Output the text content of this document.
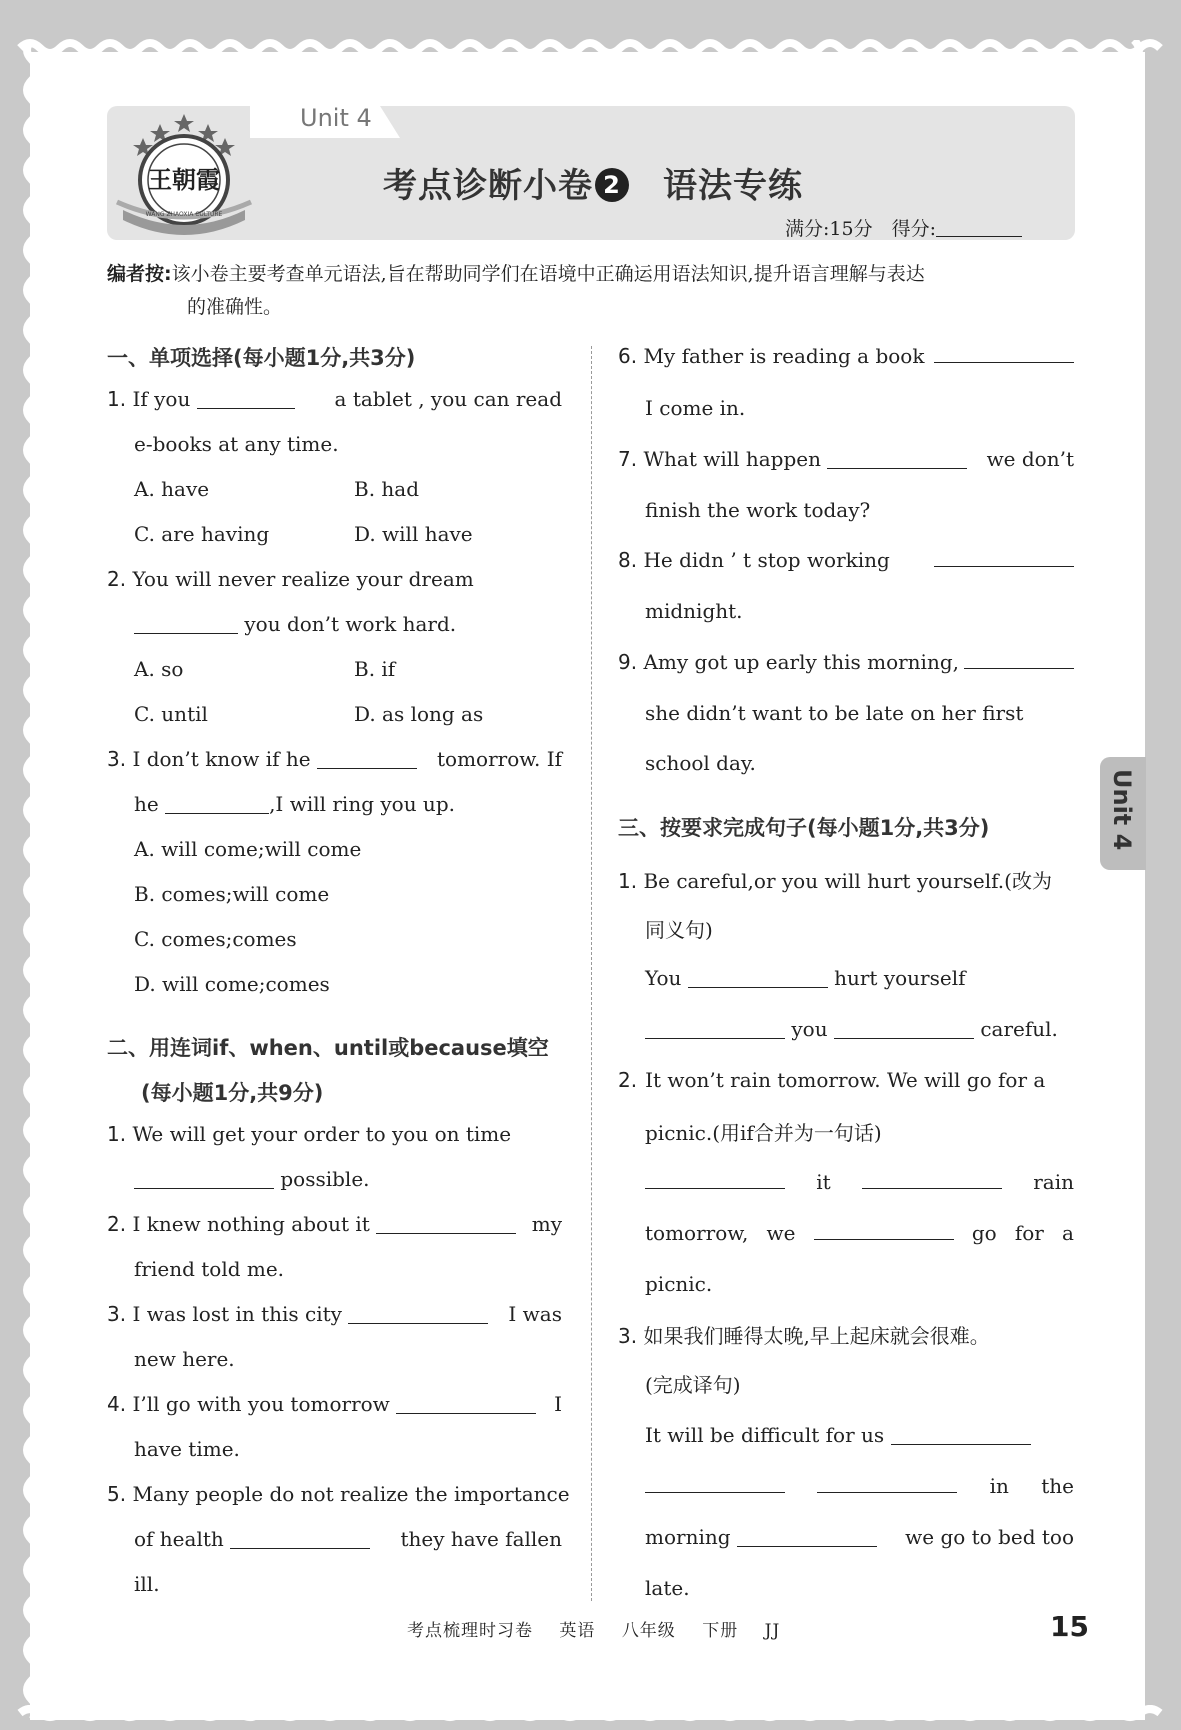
王朝霞
WANG ZHAOXIA CULTURE
Unit 4
考点诊断小卷 2 语法专练
满分:15分　得分:
编者按:该小卷主要考查单元语法,旨在帮助同学们在语境中正确运用语法知识,提升语言理解与表达
的准确性。
一、单项选择(每小题1分,共3分)
1. If you	a tablet , you can read
e-books at any time.
A. have	B. had
C. are having	D. will have
2. You will never realize your dream
you don’t work hard.
A. so	B. if
C. until	D. as long as
3. I don’t know if he	tomorrow. If
he	,I will ring you up.
A. will come;will come
B. comes;will come
C. comes;comes
D. will come;comes
二、用连词if、when、until或because填空
(每小题1分,共9分)
1. We will get your order to you on time
possible.
2. I knew nothing about it	my
friend told me.
3. I was lost in this city	I was
new here.
4. I’ll go with you tomorrow	I
have time.
5. Many people do not realize the importance
of health	they have fallen
ill.
6. My father is reading a book
I come in.
7. What will happen	we don’t
finish the work today?
8. He didn ’ t stop working
midnight.
9. Amy got up early this morning,
she didn’t want to be late on her first
school day.
三、按要求完成句子(每小题1分,共3分)
1. Be careful,or you will hurt yourself.(改为
同义句)
You	hurt yourself
you	careful.
2. It won’t rain tomorrow. We will go for a
picnic.(用if合并为一句话)
it	rain
tomorrow, we	go for a
picnic.
3. 如果我们睡得太晚,早上起床就会很难。
(完成译句)
It will be difficult for us
in the
morning	we go to bed too
late.
Unit 4
考点梳理时习卷 英语 八年级 下册 JJ	15
